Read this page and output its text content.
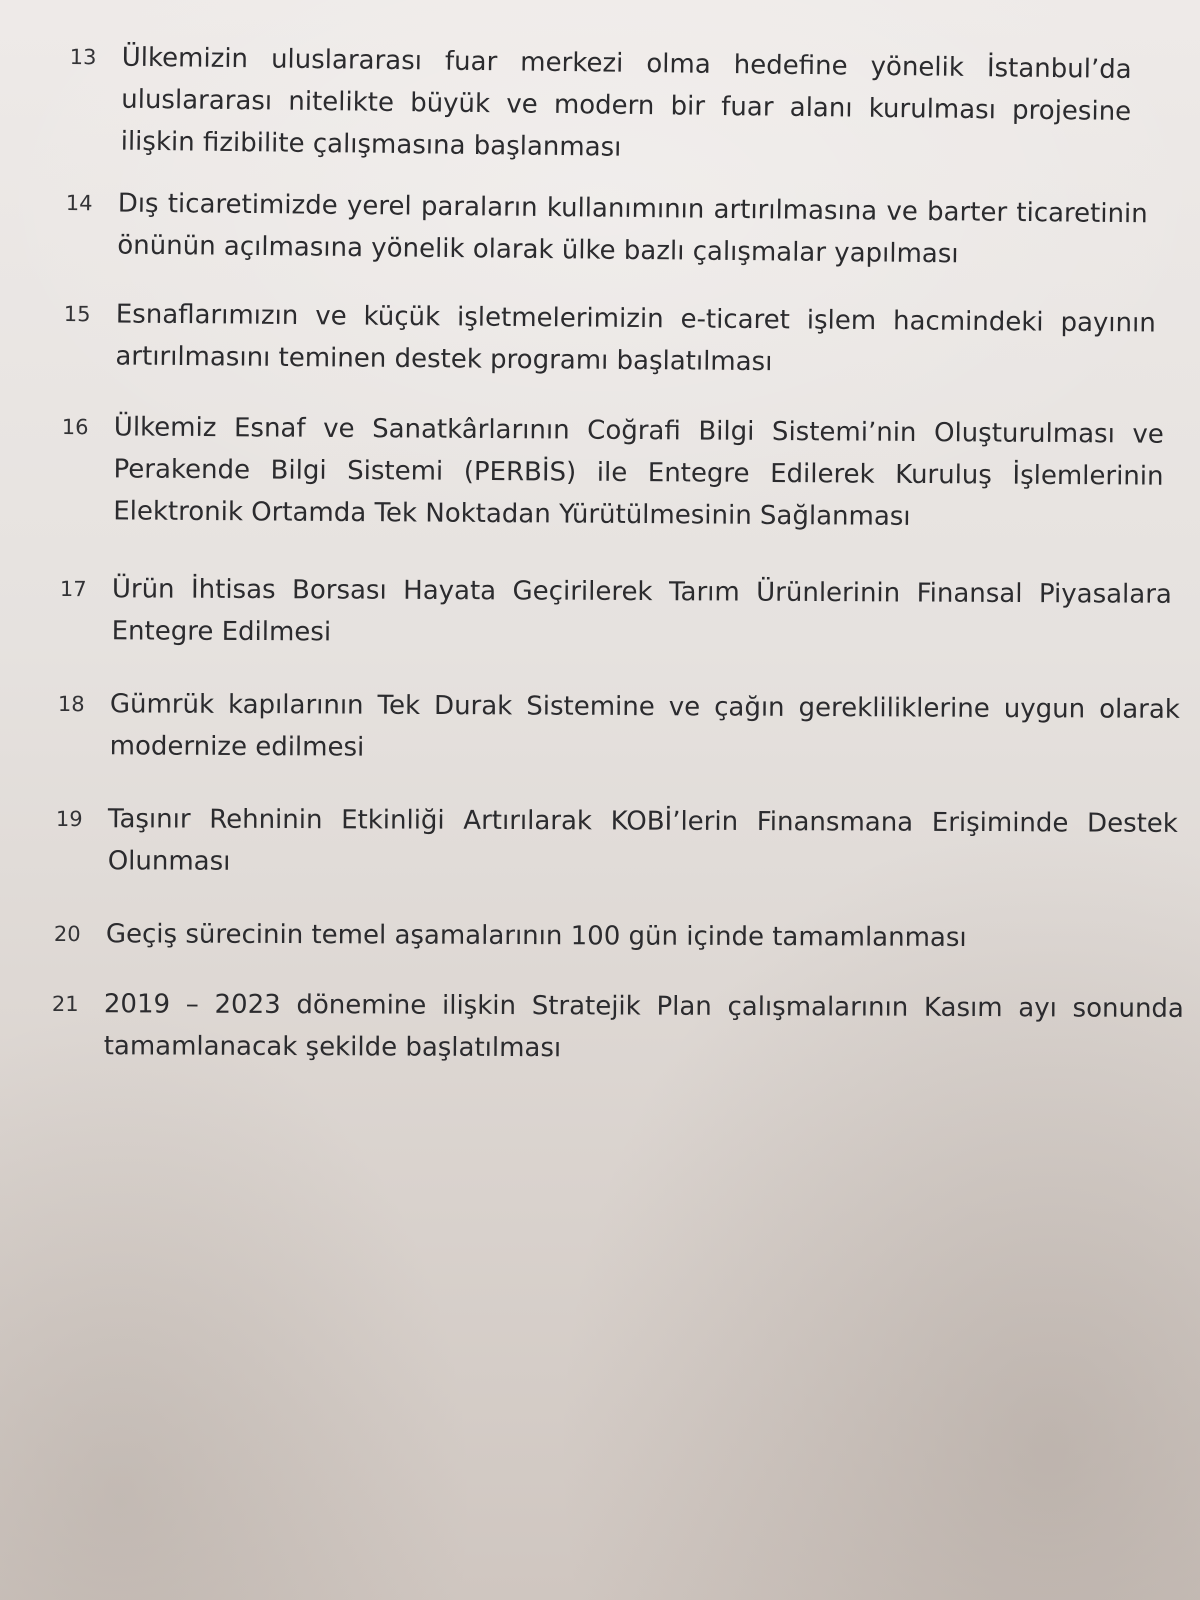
13 Ülkemizin uluslararası fuar merkezi olma hedefine yönelik İstanbul’da uluslararası nitelikte büyük ve modern bir fuar alanı kurulması projesine ilişkin fizibilite çalışmasına başlanması
14 Dış ticaretimizde yerel paraların kullanımının artırılmasına ve barter ticaretinin önünün açılmasına yönelik olarak ülke bazlı çalışmalar yapılması
15 Esnaflarımızın ve küçük işletmelerimizin e-ticaret işlem hacmindeki payının artırılmasını teminen destek programı başlatılması
16 Ülkemiz Esnaf ve Sanatkârlarının Coğrafi Bilgi Sistemi’nin Oluşturulması ve Perakende Bilgi Sistemi (PERBİS) ile Entegre Edilerek Kuruluş İşlemlerinin Elektronik Ortamda Tek Noktadan Yürütülmesinin Sağlanması
17 Ürün İhtisas Borsası Hayata Geçirilerek Tarım Ürünlerinin Finansal Piyasalara Entegre Edilmesi
18 Gümrük kapılarının Tek Durak Sistemine ve çağın gerekliliklerine uygun olarak modernize edilmesi
19 Taşınır Rehninin Etkinliği Artırılarak KOBİ’lerin Finansmana Erişiminde Destek Olunması
20 Geçiş sürecinin temel aşamalarının 100 gün içinde tamamlanması
21 2019 – 2023 dönemine ilişkin Stratejik Plan çalışmalarının Kasım ayı sonunda tamamlanacak şekilde başlatılması
